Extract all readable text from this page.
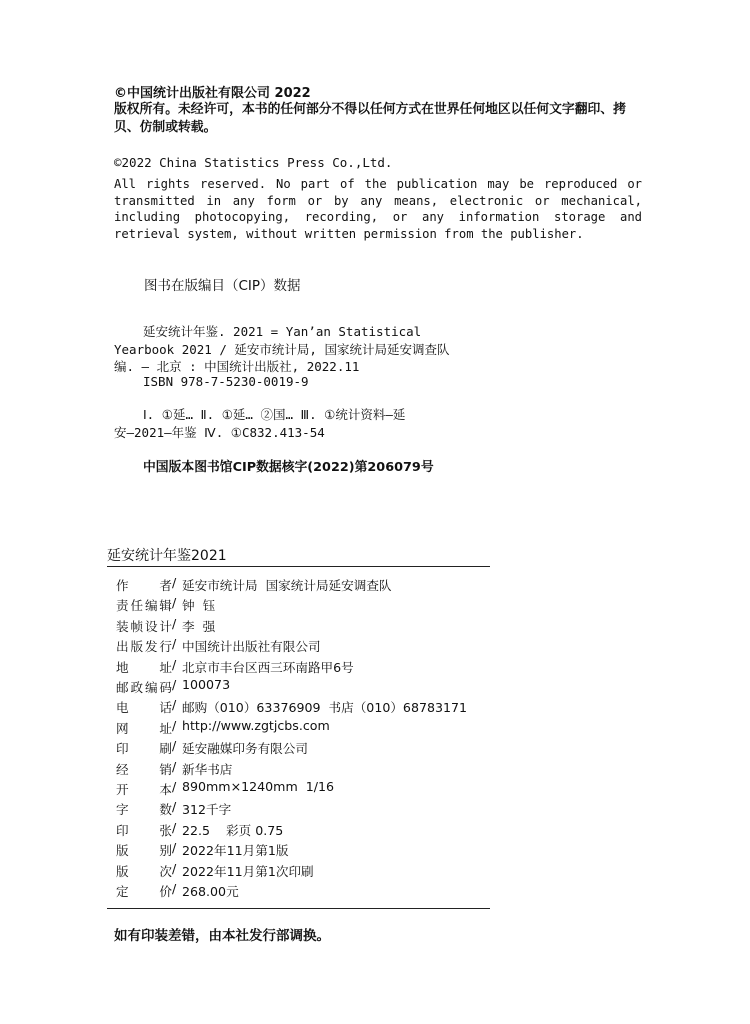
©中国统计出版社有限公司 2022
版权所有。未经许可，本书的任何部分不得以任何方式在世界任何地区以任何文字翻印、拷贝、仿制或转载。
©2022 China Statistics Press Co.,Ltd.
All rights reserved. No part of the publication may be reproduced or transmitted in any form or by any means, electronic or mechanical, including photocopying, recording, or any information storage and retrieval system, without written permission from the publisher.
图书在版编目（CIP）数据
延安统计年鉴. 2021 = Yan’an Statistical
Yearbook 2021 / 延安市统计局, 国家统计局延安调查队
编. — 北京 : 中国统计出版社, 2022.11
ISBN 978-7-5230-0019-9
Ⅰ. ①延… Ⅱ. ①延… ②国… Ⅲ. ①统计资料—延
安—2021—年鉴 Ⅳ. ①C832.413-54
中国版本图书馆CIP数据核字(2022)第206079号
延安统计年鉴2021
作 者 / 延安市统计局  国家统计局延安调查队
责任编辑 / 钟  钰
装帧设计 / 李  强
出版发行 / 中国统计出版社有限公司
地 址 / 北京市丰台区西三环南路甲6号
邮政编码 / 100073
电 话 / 邮购（010）63376909  书店（010）68783171
网 址 / http://www.zgtjcbs.com
印 刷 / 延安融媒印务有限公司
经 销 / 新华书店
开 本 / 890mm×1240mm  1/16
字 数 / 312千字
印 张 / 22.5    彩页 0.75
版 别 / 2022年11月第1版
版 次 / 2022年11月第1次印刷
定 价 / 268.00元
如有印装差错，由本社发行部调换。
